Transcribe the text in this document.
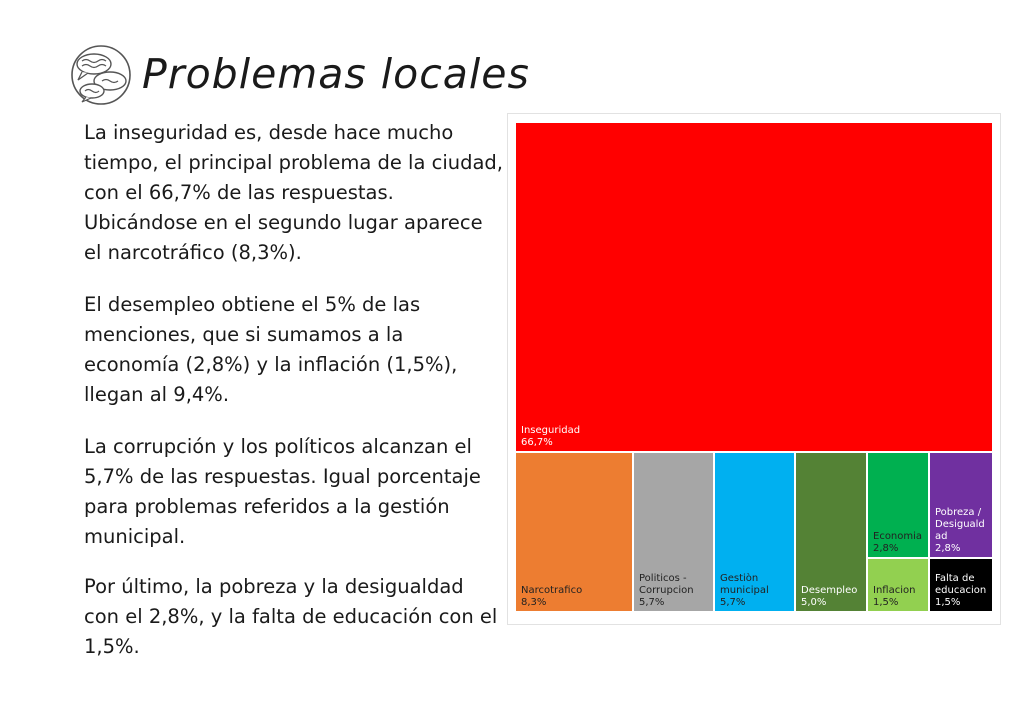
Problemas locales

La inseguridad es, desde hace mucho tiempo, el principal problema de la ciudad, con el 66,7% de las respuestas. Ubicándose en el segundo lugar aparece el narcotráfico (8,3%).

El desempleo obtiene el 5% de las menciones, que si sumamos a la economía (2,8%) y la inflación (1,5%), llegan al 9,4%.

La corrupción y los políticos alcanzan el 5,7% de las respuestas. Igual porcentaje para problemas referidos a la gestión municipal.

Por último, la pobreza y la desigualdad con el 2,8%, y la falta de educación con el 1,5%.

Inseguridad
66,7%
Narcotrafico
8,3%
Politicos -
Corrupcion
5,7%
Gestiòn
municipal
5,7%
Desempleo
5,0%
Economia
2,8%
Inflacion
1,5%
Pobreza /
Desiguald
ad
2,8%
Falta de
educacion
1,5%
